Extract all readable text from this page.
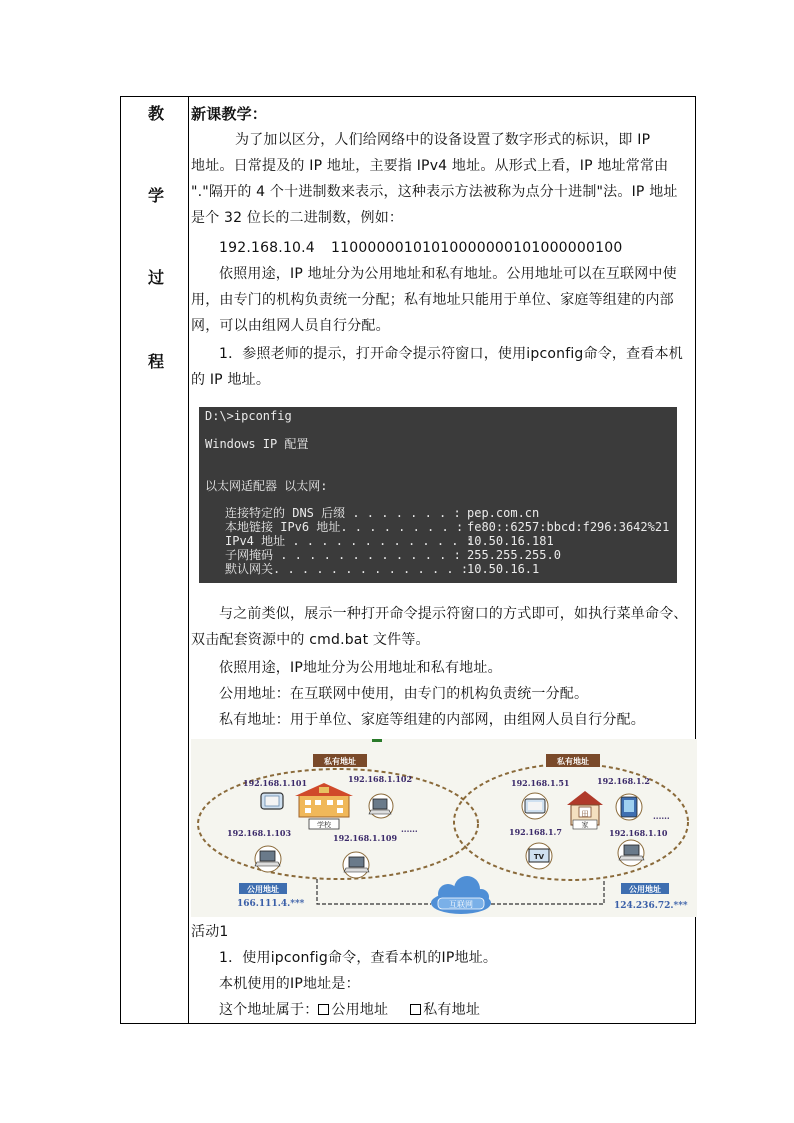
教
学
过
程
新课教学：
为了加以区分，人们给网络中的设备设置了数字形式的标识，即 IP
地址。日常提及的 IP 地址，主要指 IPv4 地址。从形式上看，IP 地址常常由
"."隔开的 4 个十进制数来表示，这种表示方法被称为点分十进制"法。IP 地址
是个 32 位长的二进制数，例如：
192.168.10.4	11000000101010000000101000000100
依照用途，IP 地址分为公用地址和私有地址。公用地址可以在互联网中使
用，由专门的机构负责统一分配；私有地址只能用于单位、家庭等组建的内部
网，可以由组网人员自行分配。
1．参照老师的提示，打开命令提示符窗口，使用ipconfig命令，查看本机
的 IP 地址。
D:\>ipconfig
Windows IP 配置
以太网适配器 以太网:
连接特定的 DNS 后缀 . . . . . . . : pep.com.cn
本地链接 IPv6 地址. . . . . . . . : fe80::6257:bbcd:f296:3642%21
IPv4 地址 . . . . . . . . . . . . :
10.50.16.181
子网掩码 . . . . . . . . . . . . : 255.255.255.0
默认网关. . . . . . . . . . . . . :
10.50.16.1
与之前类似，展示一种打开命令提示符窗口的方式即可，如执行菜单命令、
双击配套资源中的 cmd.bat 文件等。
依照用途，IP地址分为公用地址和私有地址。
公用地址：在互联网中使用，由专门的机构负责统一分配。
私有地址：用于单位、家庭等组建的内部网，由组网人员自行分配。
私有地址	私有地址
192.168.1.101	192.168.1.102
192.168.1.103	192.168.1.109
......
学校
192.168.1.51	192.168.1.2
192.168.1.7	192.168.1.10
......
田
家
TV
公用地址
166.111.4.***
公用地址
124.236.72.***
互联网
活动1
1．使用ipconfig命令，查看本机的IP地址。
本机使用的IP地址是：
这个地址属于： 公用地址	私有地址
